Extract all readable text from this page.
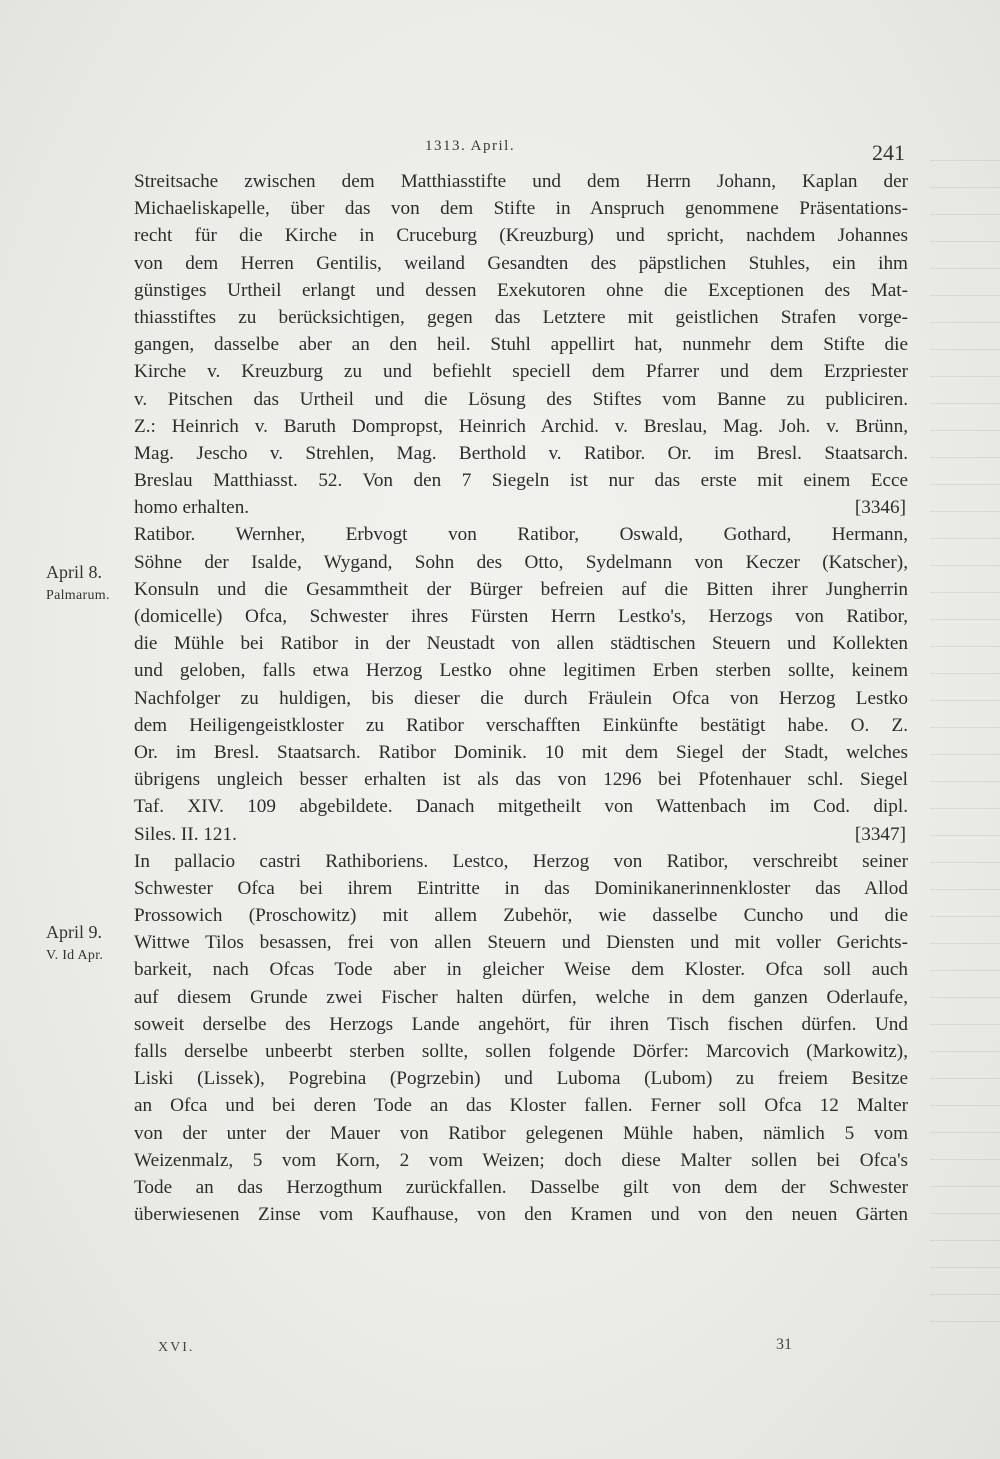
1313. April.	241
April 8.
Palmarum.
April 9.
V. Id Apr.
Streitsache zwischen dem Matthiasstifte und dem Herrn Johann, Kaplan der
Michaeliskapelle, über das von dem Stifte in Anspruch genommene Präsentations-
recht für die Kirche in Cruceburg (Kreuzburg) und spricht, nachdem Johannes
von dem Herren Gentilis, weiland Gesandten des päpstlichen Stuhles, ein ihm
günstiges Urtheil erlangt und dessen Exekutoren ohne die Exceptionen des Mat-
thiasstiftes zu berücksichtigen, gegen das Letztere mit geistlichen Strafen vorge-
gangen, dasselbe aber an den heil. Stuhl appellirt hat, nunmehr dem Stifte die
Kirche v. Kreuzburg zu und befiehlt speciell dem Pfarrer und dem Erzpriester
v. Pitschen das Urtheil und die Lösung des Stiftes vom Banne zu publiciren.
Z.: Heinrich v. Baruth Dompropst, Heinrich Archid. v. Breslau, Mag. Joh. v. Brünn,
Mag. Jescho v. Strehlen, Mag. Berthold v. Ratibor. Or. im Bresl. Staatsarch.
Breslau Matthiasst. 52. Von den 7 Siegeln ist nur das erste mit einem Ecce
homo erhalten.	[3346]
Ratibor. Wernher, Erbvogt von Ratibor, Oswald, Gothard, Hermann,
Söhne der Isalde, Wygand, Sohn des Otto, Sydelmann von Keczer (Katscher),
Konsuln und die Gesammtheit der Bürger befreien auf die Bitten ihrer Jungherrin
(domicelle) Ofca, Schwester ihres Fürsten Herrn Lestko's, Herzogs von Ratibor,
die Mühle bei Ratibor in der Neustadt von allen städtischen Steuern und Kollekten
und geloben, falls etwa Herzog Lestko ohne legitimen Erben sterben sollte, keinem
Nachfolger zu huldigen, bis dieser die durch Fräulein Ofca von Herzog Lestko
dem Heiligengeistkloster zu Ratibor verschafften Einkünfte bestätigt habe. O. Z.
Or. im Bresl. Staatsarch. Ratibor Dominik. 10 mit dem Siegel der Stadt, welches
übrigens ungleich besser erhalten ist als das von 1296 bei Pfotenhauer schl. Siegel
Taf. XIV. 109 abgebildete. Danach mitgetheilt von Wattenbach im Cod. dipl.
Siles. II. 121.	[3347]
In pallacio castri Rathiboriens. Lestco, Herzog von Ratibor, verschreibt seiner
Schwester Ofca bei ihrem Eintritte in das Dominikanerinnenkloster das Allod
Prossowich (Proschowitz) mit allem Zubehör, wie dasselbe Cuncho und die
Wittwe Tilos besassen, frei von allen Steuern und Diensten und mit voller Gerichts-
barkeit, nach Ofcas Tode aber in gleicher Weise dem Kloster. Ofca soll auch
auf diesem Grunde zwei Fischer halten dürfen, welche in dem ganzen Oderlaufe,
soweit derselbe des Herzogs Lande angehört, für ihren Tisch fischen dürfen. Und
falls derselbe unbeerbt sterben sollte, sollen folgende Dörfer: Marcovich (Markowitz),
Liski (Lissek), Pogrebina (Pogrzebin) und Luboma (Lubom) zu freiem Besitze
an Ofca und bei deren Tode an das Kloster fallen. Ferner soll Ofca 12 Malter
von der unter der Mauer von Ratibor gelegenen Mühle haben, nämlich 5 vom
Weizenmalz, 5 vom Korn, 2 vom Weizen; doch diese Malter sollen bei Ofca's
Tode an das Herzogthum zurückfallen. Dasselbe gilt von dem der Schwester
überwiesenen Zinse vom Kaufhause, von den Kramen und von den neuen Gärten
XVI.	31
